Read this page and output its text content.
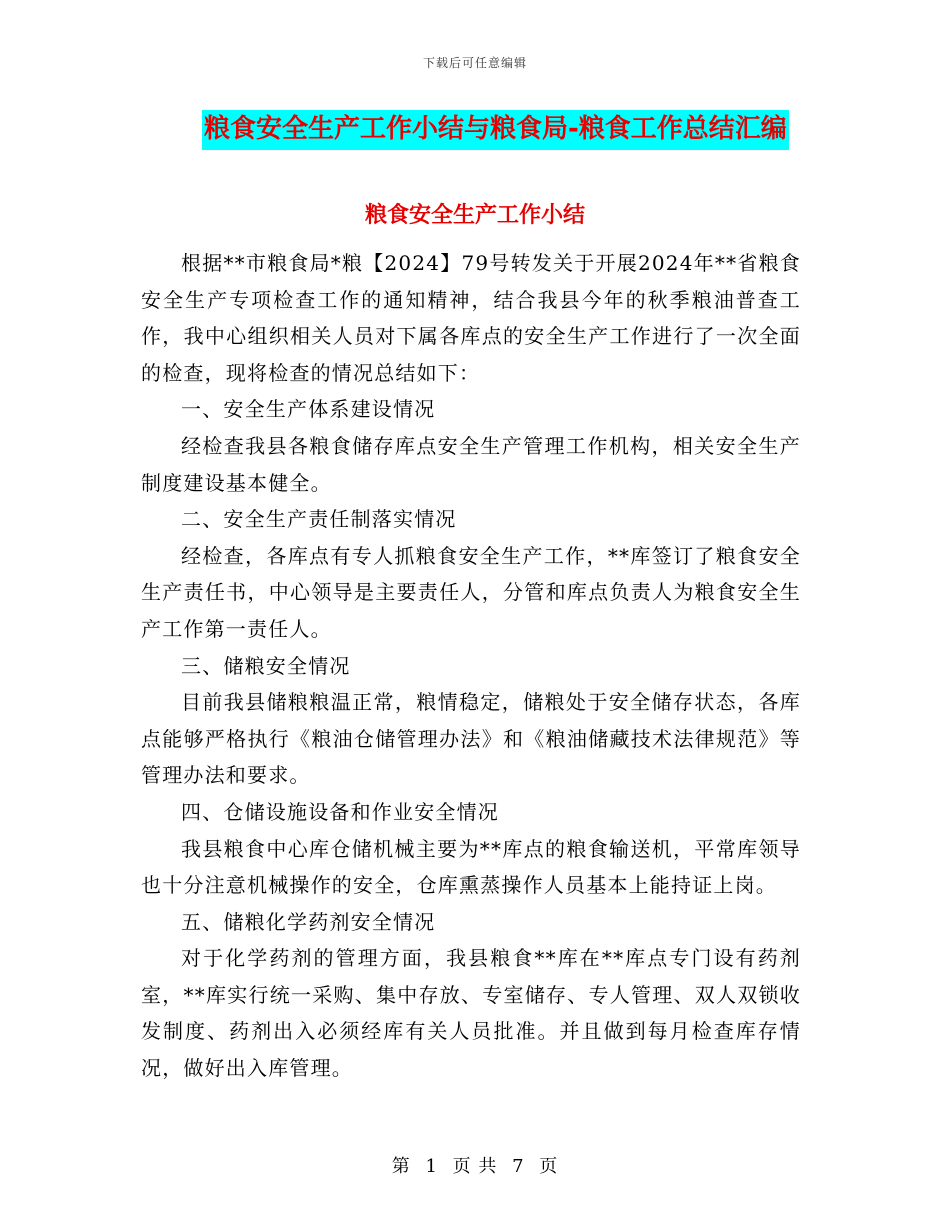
下载后可任意编辑
粮食安全生产工作小结与粮食局-粮食工作总结汇编
粮食安全生产工作小结

根据**市粮食局*粮【2024】79号转发关于开展2024年**省粮食安全生产专项检查工作的通知精神，结合我县今年的秋季粮油普查工作，我中心组织相关人员对下属各库点的安全生产工作进行了一次全面的检查，现将检查的情况总结如下：

一、安全生产体系建设情况

经检查我县各粮食储存库点安全生产管理工作机构，相关安全生产制度建设基本健全。

二、安全生产责任制落实情况

经检查，各库点有专人抓粮食安全生产工作，**库签订了粮食安全生产责任书，中心领导是主要责任人，分管和库点负责人为粮食安全生产工作第一责任人。

三、储粮安全情况

目前我县储粮粮温正常，粮情稳定，储粮处于安全储存状态，各库点能够严格执行《粮油仓储管理办法》和《粮油储藏技术法律规范》等管理办法和要求。

四、仓储设施设备和作业安全情况

我县粮食中心库仓储机械主要为**库点的粮食输送机，平常库领导也十分注意机械操作的安全，仓库熏蒸操作人员基本上能持证上岗。

五、储粮化学药剂安全情况

对于化学药剂的管理方面，我县粮食**库在**库点专门设有药剂室，**库实行统一采购、集中存放、专室储存、专人管理、双人双锁收发制度、药剂出入必须经库有关人员批准。并且做到每月检查库存情况，做好出入库管理。

第 1 页 共 7 页
